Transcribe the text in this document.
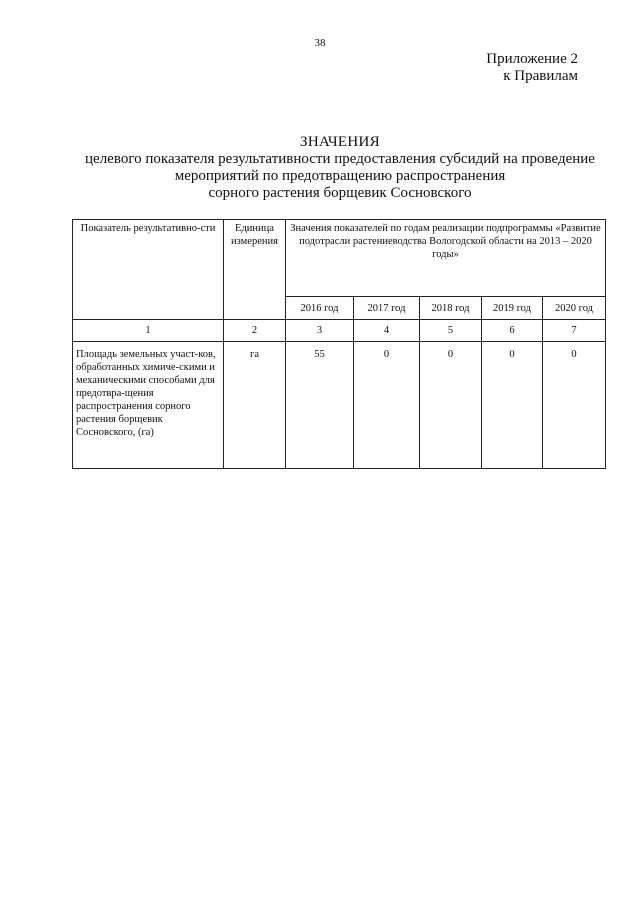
38
Приложение 2
к Правилам
ЗНАЧЕНИЯ
целевого показателя результативности предоставления субсидий на проведение
мероприятий по предотвращению распространения
сорного растения борщевик Сосновского
Показатель результативно-сти	Единица измерения	Значения показателей по годам реализации подпрограммы «Развитие подотрасли растениеводства Вологодской области на 2013 – 2020 годы»				
		2016 год	2017 год	2018 год	2019 год	2020 год
1	2	3	4	5	6	7
Площадь земельных участ-ков, обработанных химиче-скими и механическими способами для предотвра-щения распространения сорного растения борщевик Сосновского, (га)	га	55	0	0	0	0
